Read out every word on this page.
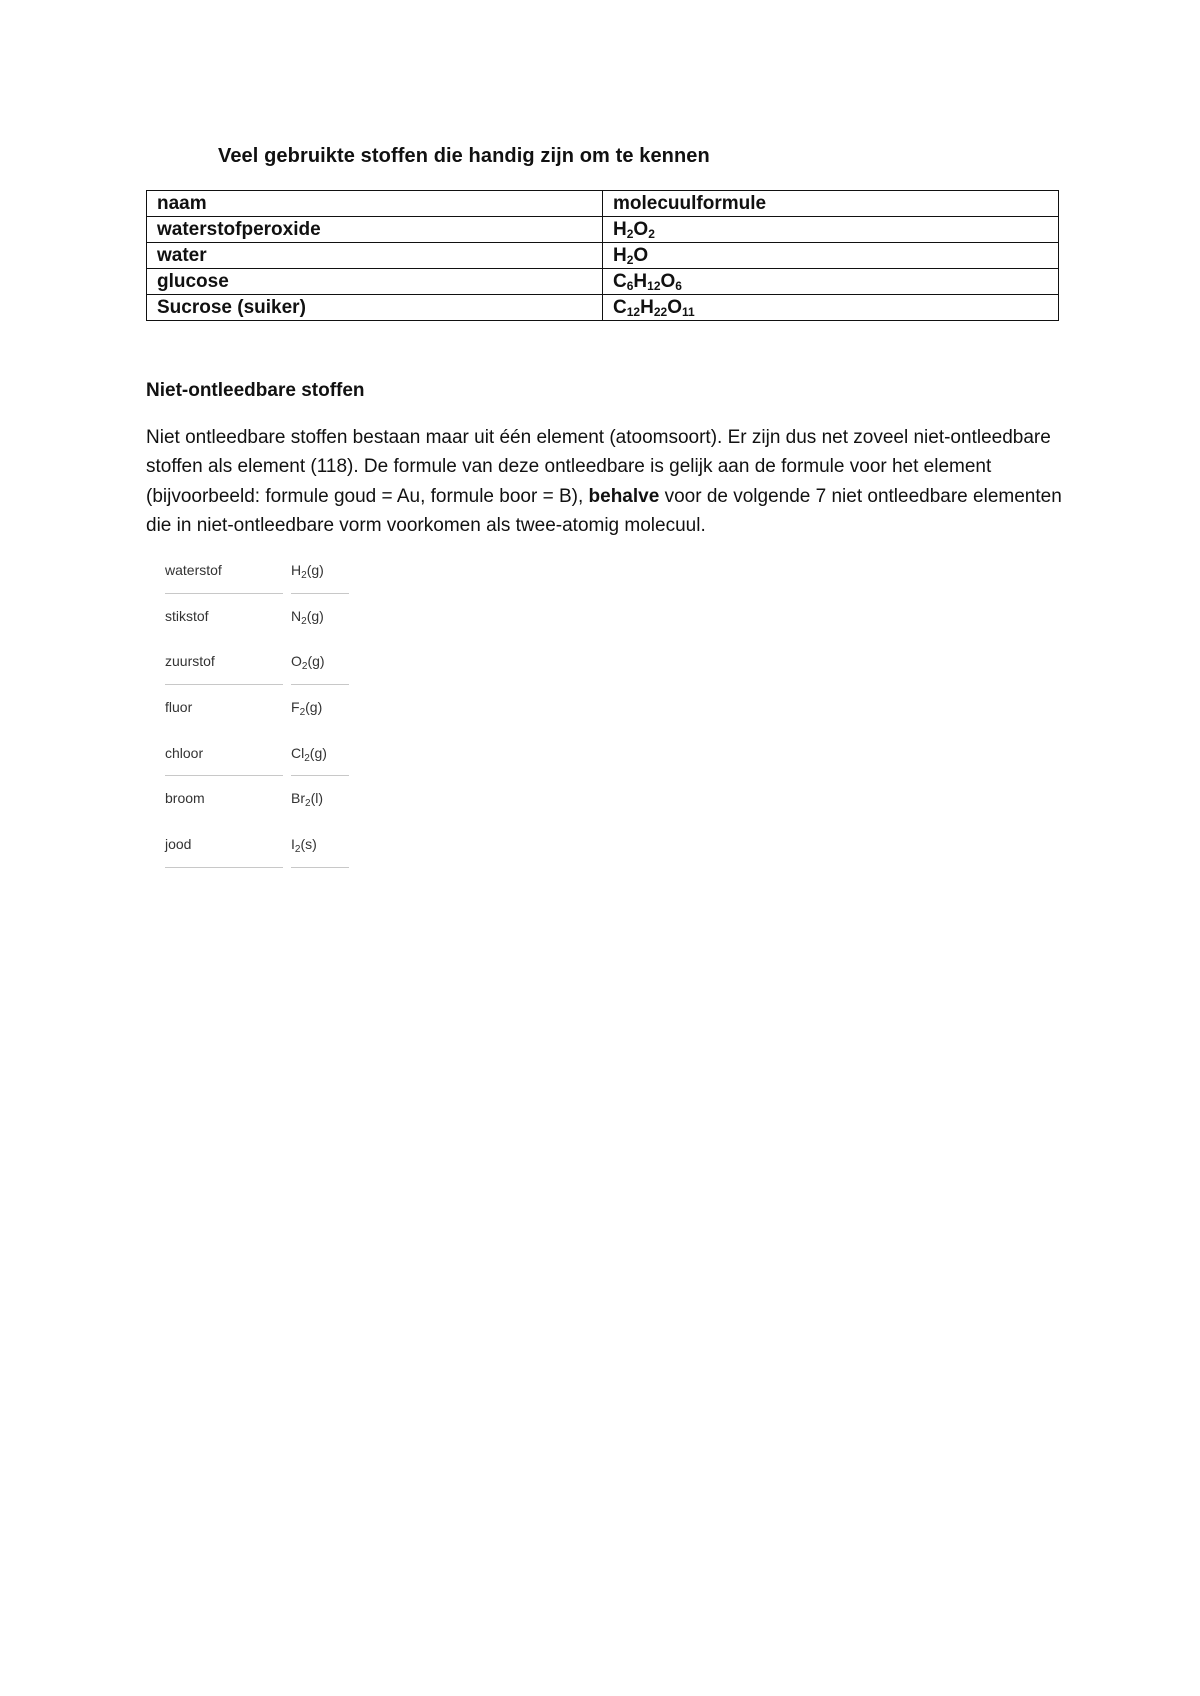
Veel gebruikte stoffen die handig zijn om te kennen
naam	molecuulformule
waterstofperoxide	$H_2O_2$
water	$H_2O$
glucose	$C_6H_{12}O_6$
Sucrose (suiker)	$C_{12}H_{22}O_{11}$
Niet-ontleedbare stoffen

Niet ontleedbare stoffen bestaan maar uit één element (atoomsoort). Er zijn dus net zoveel niet-ontleedbare stoffen als element (118). De formule van deze ontleedbare is gelijk aan de formule voor het element (bijvoorbeeld: formule goud = Au, formule boor = B), behalve voor de volgende 7 niet ontleedbare elementen die in niet-ontleedbare vorm voorkomen als twee-atomig molecuul.

waterstof	$H_2(g)$
stikstof	$N_2(g)$
zuurstof	$O_2(g)$
fluor	$F_2(g)$
chloor	$Cl_2(g)$
broom	$Br_2(l)$
jood	$I_2(s)$
